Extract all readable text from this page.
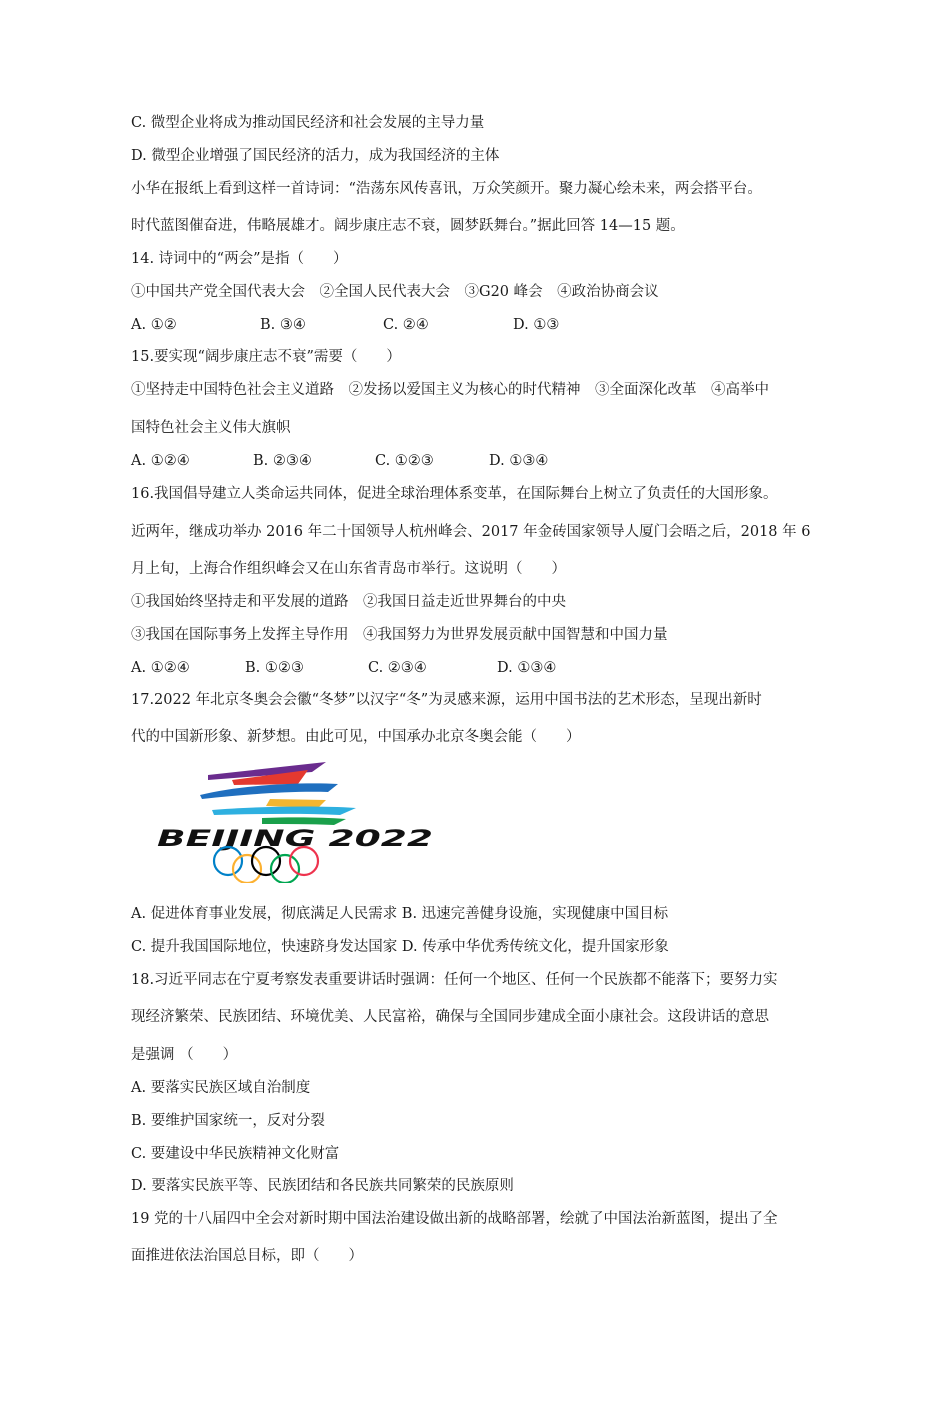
C. 微型企业将成为推动国民经济和社会发展的主导力量
D. 微型企业增强了国民经济的活力，成为我国经济的主体
小华在报纸上看到这样一首诗词：“浩荡东风传喜讯，万众笑颜开。聚力凝心绘未来，两会搭平台。
时代蓝图催奋进，伟略展雄才。阔步康庄志不衰，圆梦跃舞台。”据此回答 14—15 题。
14. 诗词中的“两会”是指（　　）
①中国共产党全国代表大会　②全国人民代表大会　③G20 峰会　④政治协商会议
A. ①②	B. ③④	C. ②④	D. ①③
15.要实现“阔步康庄志不衰”需要（　　）
①坚持走中国特色社会主义道路　②发扬以爱国主义为核心的时代精神　③全面深化改革　④高举中
国特色社会主义伟大旗帜
A. ①②④	B. ②③④	C. ①②③	D. ①③④
16.我国倡导建立人类命运共同体，促进全球治理体系变革，在国际舞台上树立了负责任的大国形象。
近两年，继成功举办 2016 年二十国领导人杭州峰会、2017 年金砖国家领导人厦门会晤之后，2018 年 6
月上旬，上海合作组织峰会又在山东省青岛市举行。这说明（　　）
①我国始终坚持走和平发展的道路　②我国日益走近世界舞台的中央
③我国在国际事务上发挥主导作用　④我国努力为世界发展贡献中国智慧和中国力量
A. ①②④	B. ①②③	C. ②③④	D. ①③④
17.2022 年北京冬奥会会徽“冬梦”以汉字“冬”为灵感来源，运用中国书法的艺术形态，呈现出新时
代的中国新形象、新梦想。由此可见，中国承办北京冬奥会能（　　）
BEIJING 2022
A. 促进体育事业发展，彻底满足人民需求 B. 迅速完善健身设施，实现健康中国目标
C. 提升我国国际地位，快速跻身发达国家 D. 传承中华优秀传统文化，提升国家形象
18.习近平同志在宁夏考察发表重要讲话时强调：任何一个地区、任何一个民族都不能落下；要努力实
现经济繁荣、民族团结、环境优美、人民富裕，确保与全国同步建成全面小康社会。这段讲话的意思
是强调 （　　）
A. 要落实民族区域自治制度
B. 要维护国家统一，反对分裂
C. 要建设中华民族精神文化财富
D. 要落实民族平等、民族团结和各民族共同繁荣的民族原则
19 党的十八届四中全会对新时期中国法治建设做出新的战略部署，绘就了中国法治新蓝图，提出了全
面推进依法治国总目标，即（　　）
